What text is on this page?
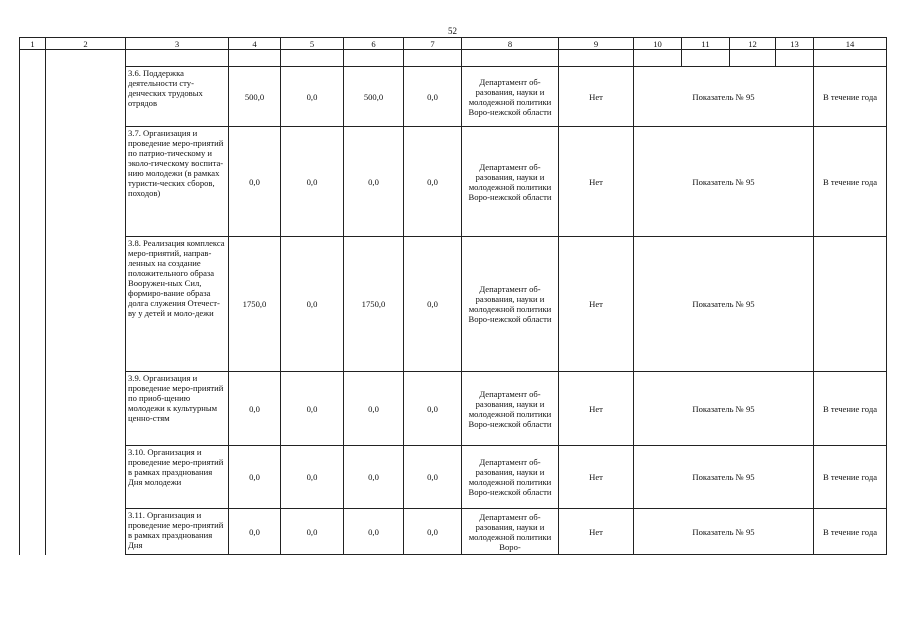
52
1	2	3	4	5	6	7	8	9	10	11	12	13	14

		3.6. Поддержка деятельности сту-денческих трудовых отрядов	500,0	0,0	500,0	0,0	Департамент об-разования, науки и молодежной политики Воро-нежской области	Нет	Показатель № 95				В течение года
		3.7. Организация и проведение меро-приятий по патрио-тическому и эколо-гическому воспита-нию молодежи (в рамках туристи-ческих сборов, походов)	0,0	0,0	0,0	0,0	Департамент об-разования, науки и молодежной политики Воро-нежской области	Нет	Показатель № 95				В течение года
		3.8. Реализация комплекса меро-приятий, направ-ленных на создание положительного образа Вооружен-ных Сил, формиро-вание образа долга служения Отечест-ву у детей и моло-дежи	1750,0	0,0	1750,0	0,0	Департамент об-разования, науки и молодежной политики Воро-нежской области	Нет	Показатель № 95				
		3.9. Организация и проведение меро-приятий по приоб-щению молодежи к культурным ценно-стям	0,0	0,0	0,0	0,0	Департамент об-разования, науки и молодежной политики Воро-нежской области	Нет	Показатель № 95				В течение года
		3.10. Организация и проведение меро-приятий в рамках празднования Дня молодежи	0,0	0,0	0,0	0,0	Департамент об-разования, науки и молодежной политики Воро-нежской области	Нет	Показатель № 95				В течение года
		3.11. Организация и проведение меро-приятий в рамках празднования Дня	0,0	0,0	0,0	0,0	Департамент об-разования, науки и молодежной политики Воро-	Нет	Показатель № 95				В течение года
